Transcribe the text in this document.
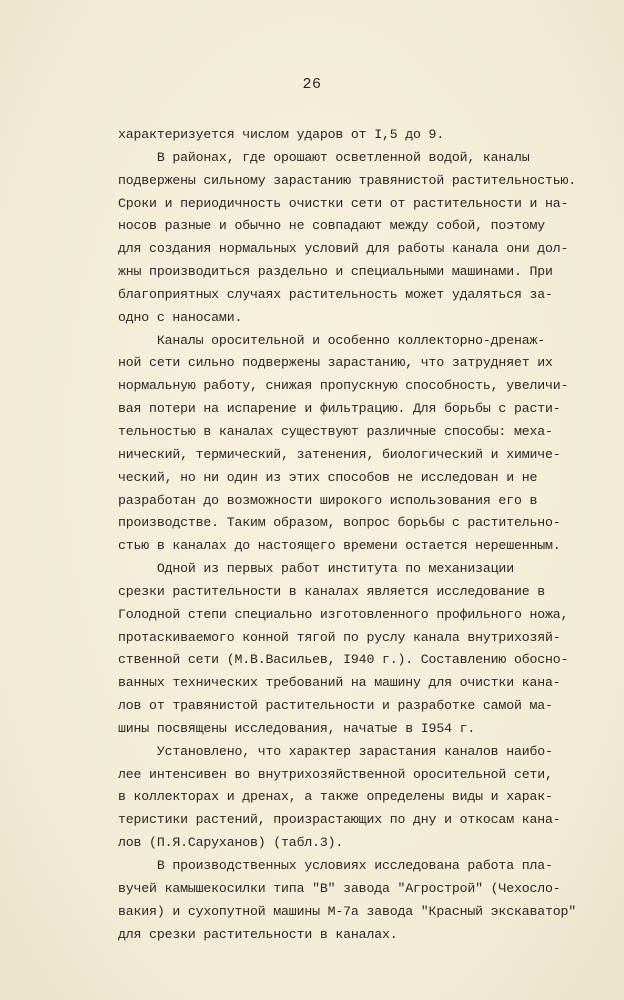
26
характеризуется числом ударов от I,5 до 9.
В районах, где орошают осветленной водой, каналы
подвержены сильному зарастанию травянистой растительностью.
Сроки и периодичность очистки сети от растительности и на-
носов разные и обычно не совпадают между собой, поэтому
для создания нормальных условий для работы канала они дол-
жны производиться раздельно и специальными машинами. При
благоприятных случаях растительность может удаляться за-
одно с наносами.
Каналы оросительной и особенно коллекторно-дренаж-
ной сети сильно подвержены зарастанию, что затрудняет их
нормальную работу, снижая пропускную способность, увеличи-
вая потери на испарение и фильтрацию. Для борьбы с расти-
тельностью в каналах существуют различные способы: меха-
нический, термический, затенения, биологический и химиче-
ческий, но ни один из этих способов не исследован и не
разработан до возможности широкого использования его в
производстве. Таким образом, вопрос борьбы с растительно-
стью в каналах до настоящего времени остается нерешенным.
Одной из первых работ института по механизации
срезки растительности в каналах является исследование в
Голодной степи специально изготовленного профильного ножа,
протаскиваемого конной тягой по руслу канала внутрихозяй-
ственной сети (М.В.Васильев, I940 г.). Составлению обосно-
ванных технических требований на машину для очистки кана-
лов от травянистой растительности и разработке самой ма-
шины посвящены исследования, начатые в I954 г.
Установлено, что характер зарастания каналов наибо-
лее интенсивен во внутрихозяйственной оросительной сети,
в коллекторах и дренах, а также определены виды и харак-
теристики растений, произрастающих по дну и откосам кана-
лов (П.Я.Саруханов) (табл.3).
В производственных условиях исследована работа пла-
вучей камышекосилки типа "В" завода "Агрострой" (Чехосло-
вакия) и сухопутной машины М-7а завода "Красный экскаватор"
для срезки растительности в каналах.
